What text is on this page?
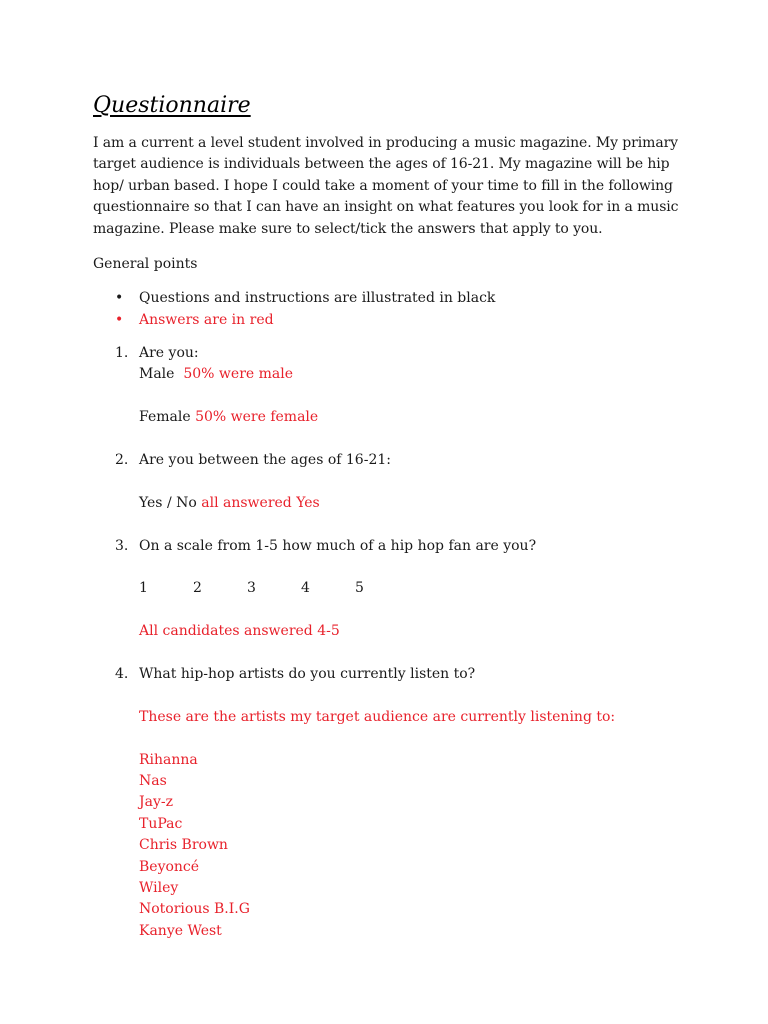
Questionnaire

I am a current a level student involved in producing a music magazine. My primary target audience is individuals between the ages of 16-21. My magazine will be hip hop/ urban based. I hope I could take a moment of your time to fill in the following questionnaire so that I can have an insight on what features you look for in a music magazine. Please make sure to select/tick the answers that apply to you.

General points

• Questions and instructions are illustrated in black
• Answers are in red
1. Are you:
Male 50% were male
Female 50% were female
2. Are you between the ages of 16-21:
Yes / No all answered Yes
3. On a scale from 1-5 how much of a hip hop fan are you?
1	2	3	4	5
All candidates answered 4-5
4. What hip-hop artists do you currently listen to?
These are the artists my target audience are currently listening to:
Rihanna
Nas
Jay-z
TuPac
Chris Brown
Beyoncé
Wiley
Notorious B.I.G
Kanye West
